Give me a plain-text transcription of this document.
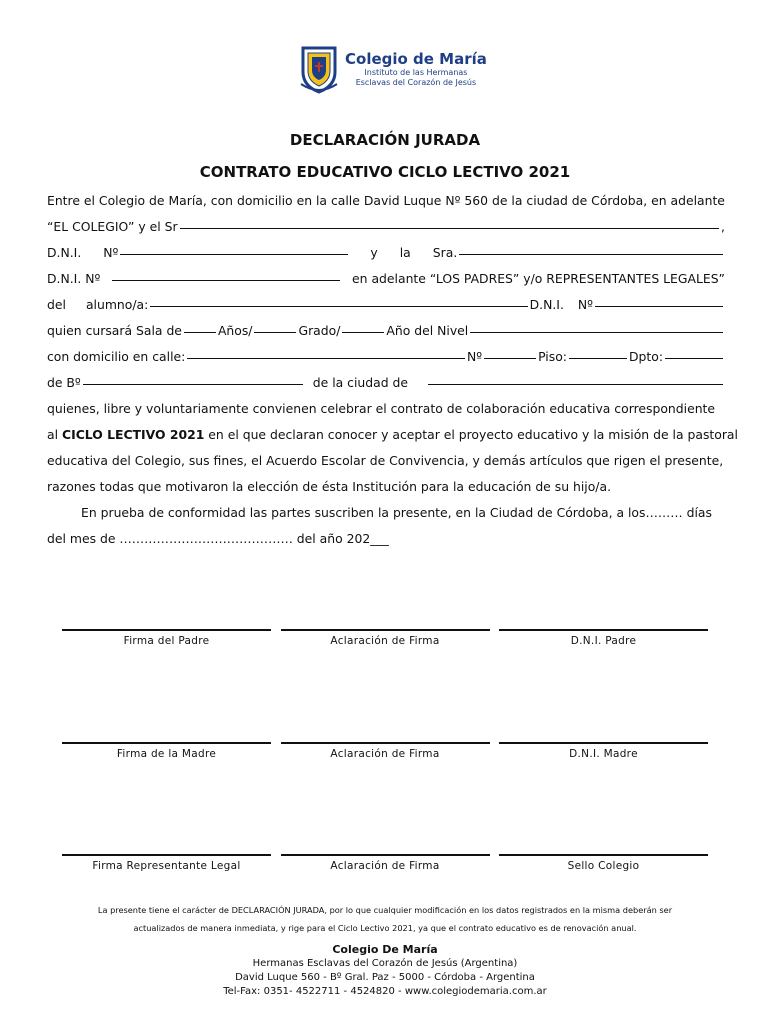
Colegio de María
Instituto de las Hermanas
Esclavas del Corazón de Jesús
DECLARACIÓN JURADA
CONTRATO EDUCATIVO CICLO LECTIVO 2021
Entre el Colegio de María, con domicilio en la calle David Luque Nº 560 de la ciudad de Córdoba, en adelante
“EL COLEGIO” y el Sr	,
D.N.I. Nº	y la Sra.
D.N.I. Nº	en adelante “LOS PADRES” y/o REPRESENTANTES LEGALES”
del alumno/a:	D.N.I. Nº
quien cursará Sala de	Años/	Grado/	Año del Nivel
con domicilio en calle:	Nº	Piso:	Dpto:
de Bº	de la ciudad de
quienes, libre y voluntariamente convienen celebrar el contrato de colaboración educativa correspondiente
al CICLO LECTIVO 2021 en el que declaran conocer y aceptar el proyecto educativo y la misión de la pastoral
educativa del Colegio, sus fines, el Acuerdo Escolar de Convivencia, y demás artículos que rigen el presente,
razones todas que motivaron la elección de ésta Institución para la educación de su hijo/a.
En prueba de conformidad las partes suscriben la presente, en la Ciudad de Córdoba, a los……… días
del mes de …………………………………… del año 202___
Firma del Padre	Aclaración de Firma	D.N.I. Padre
Firma de la Madre	Aclaración de Firma	D.N.I. Madre
Firma Representante Legal	Aclaración de Firma	Sello Colegio
La presente tiene el carácter de DECLARACIÓN JURADA, por lo que cualquier modificación en los datos registrados en la misma deberán ser
actualizados de manera inmediata, y rige para el Ciclo Lectivo 2021, ya que el contrato educativo es de renovación anual.
Colegio De María
Hermanas Esclavas del Corazón de Jesús (Argentina)
David Luque 560 - Bº Gral. Paz - 5000 - Córdoba - Argentina
Tel-Fax: 0351- 4522711 - 4524820 - www.colegiodemaria.com.ar
